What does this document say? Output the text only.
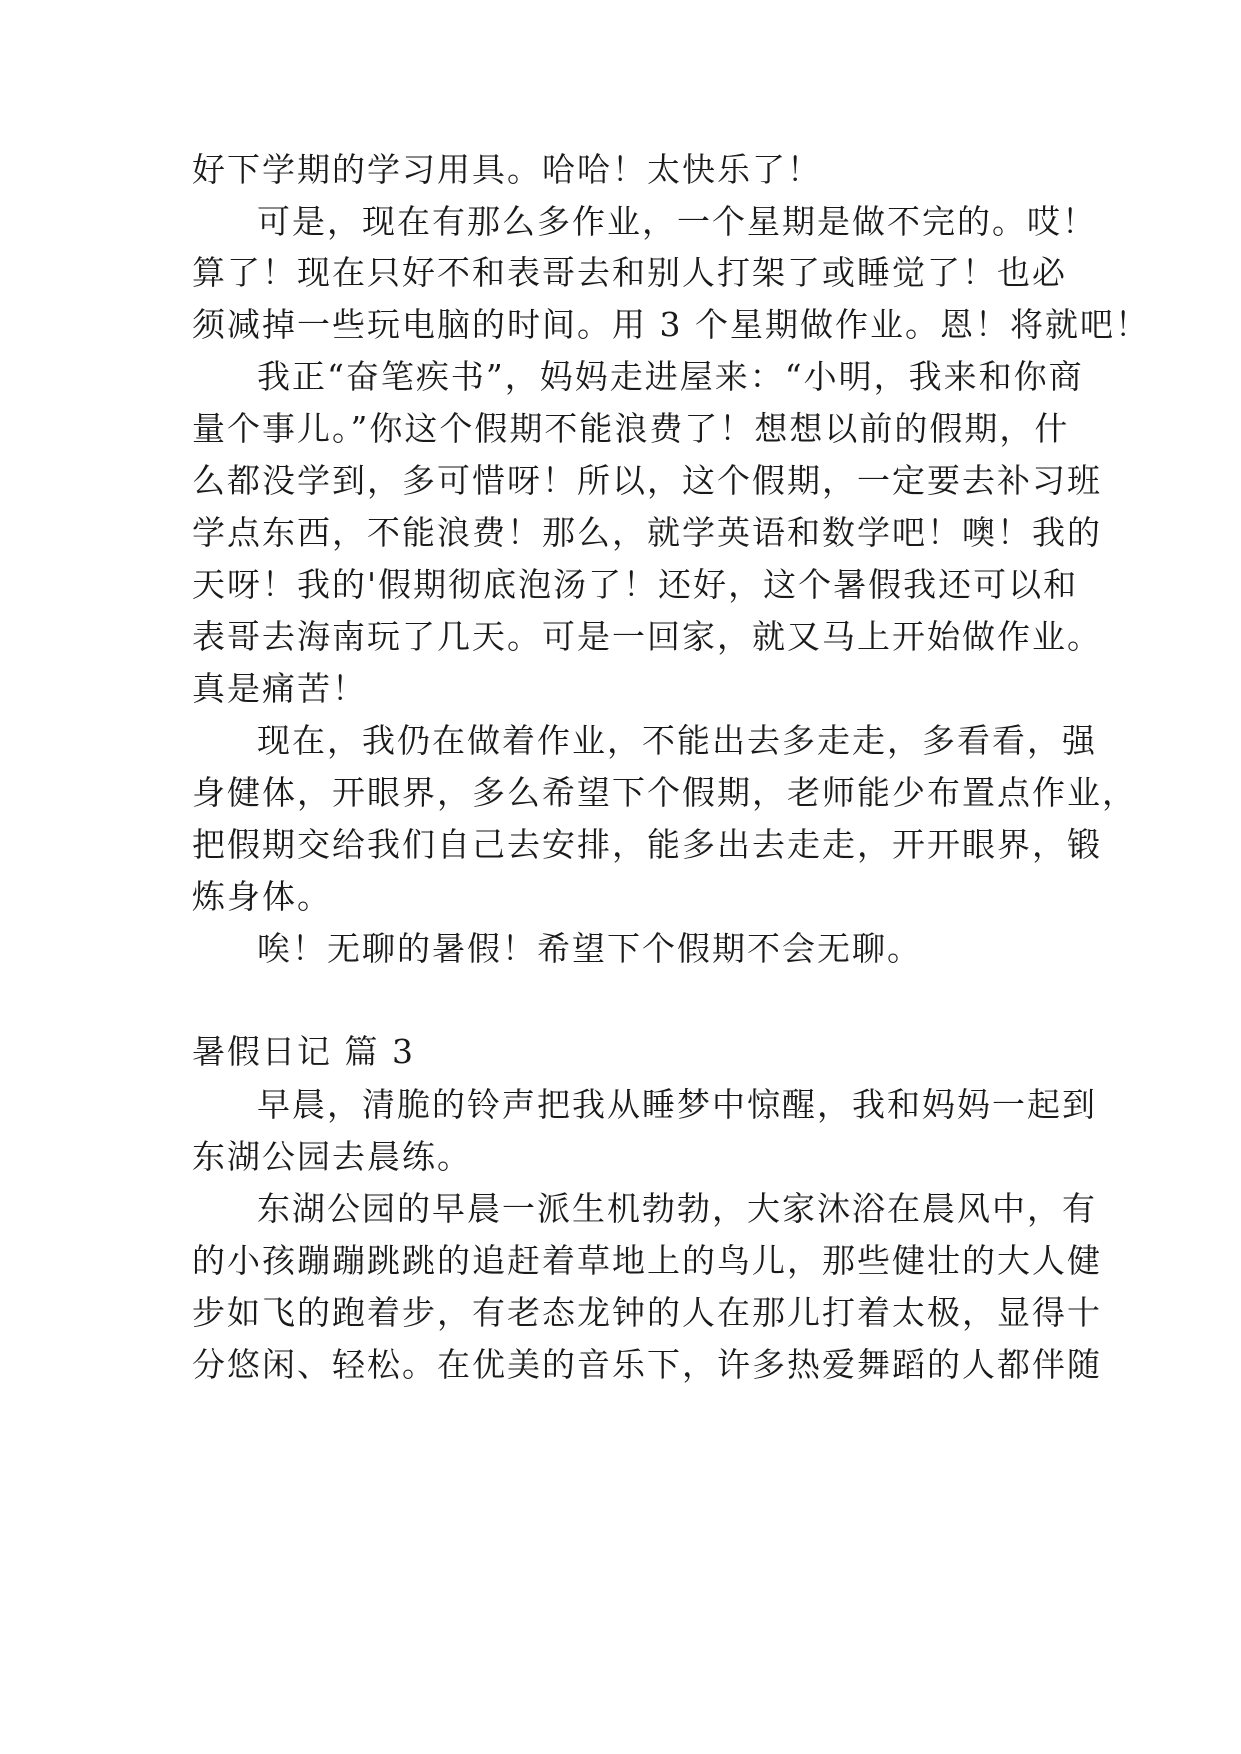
好下学期的学习用具。哈哈！太快乐了！
可是，现在有那么多作业，一个星期是做不完的。哎！
算了！现在只好不和表哥去和别人打架了或睡觉了！也必
须减掉一些玩电脑的时间。用 3 个星期做作业。恩！将就吧！
我正“奋笔疾书”，妈妈走进屋来：“小明，我来和你商
量个事儿。”你这个假期不能浪费了！想想以前的假期，什
么都没学到，多可惜呀！所以，这个假期，一定要去补习班
学点东西，不能浪费！那么，就学英语和数学吧！噢！我的
天呀！我的'假期彻底泡汤了！还好，这个暑假我还可以和
表哥去海南玩了几天。可是一回家，就又马上开始做作业。
真是痛苦！
现在，我仍在做着作业，不能出去多走走，多看看，强
身健体，开眼界，多么希望下个假期，老师能少布置点作业，
把假期交给我们自己去安排，能多出去走走，开开眼界，锻
炼身体。
唉！无聊的暑假！希望下个假期不会无聊。
暑假日记 篇 3
早晨，清脆的铃声把我从睡梦中惊醒，我和妈妈一起到
东湖公园去晨练。
东湖公园的早晨一派生机勃勃，大家沐浴在晨风中，有
的小孩蹦蹦跳跳的追赶着草地上的鸟儿，那些健壮的大人健
步如飞的跑着步，有老态龙钟的人在那儿打着太极，显得十
分悠闲、轻松。在优美的音乐下，许多热爱舞蹈的人都伴随
